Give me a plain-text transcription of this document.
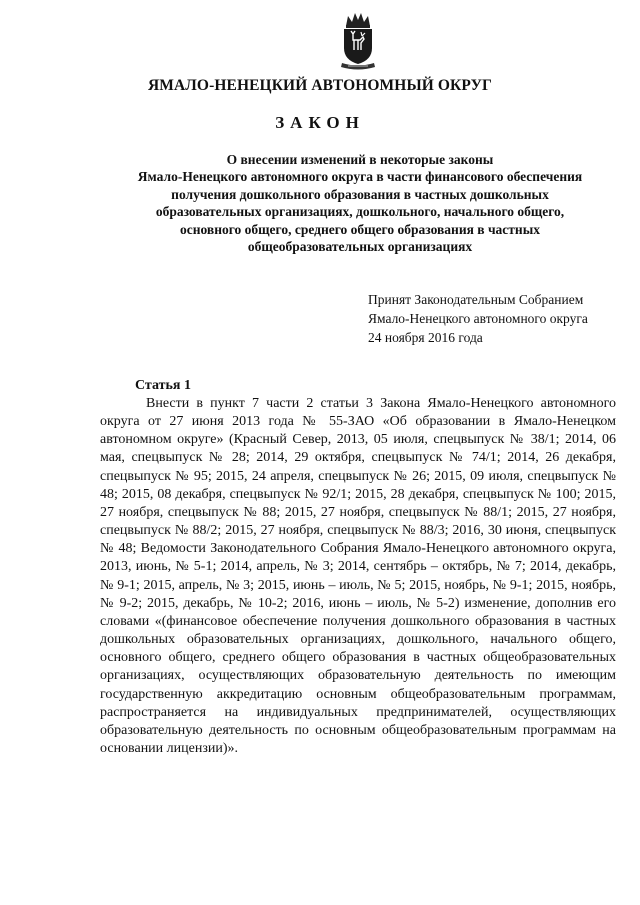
ЯМАЛО-НЕНЕЦКИЙ АВТОНОМНЫЙ ОКРУГ
ЗАКОН
О внесении изменений в некоторые законы
Ямало-Ненецкого автономного округа в части финансового обеспечения
получения дошкольного образования в частных дошкольных
образовательных организациях, дошкольного, начального общего,
основного общего, среднего общего образования в частных
общеобразовательных организациях
Принят Законодательным Собранием
Ямало-Ненецкого автономного округа
24 ноября 2016 года
Статья 1

Внести в пункт 7 части 2 статьи 3 Закона Ямало-Ненецкого автономного округа от 27 июня 2013 года № 55-ЗАО «Об образовании в Ямало-Ненецком автономном округе» (Красный Север, 2013, 05 июля, спецвыпуск № 38/1; 2014, 06 мая, спецвыпуск № 28; 2014, 29 октября, спецвыпуск № 74/1; 2014, 26 декабря, спецвыпуск № 95; 2015, 24 апреля, спецвыпуск № 26; 2015, 09 июля, спецвыпуск № 48; 2015, 08 декабря, спецвыпуск № 92/1; 2015, 28 декабря, спецвыпуск № 100; 2015, 27 ноября, спецвыпуск № 88; 2015, 27 ноября, спецвыпуск № 88/1; 2015, 27 ноября, спецвыпуск № 88/2; 2015, 27 ноября, спецвыпуск № 88/3; 2016, 30 июня, спецвыпуск № 48; Ведомости Законодательного Собрания Ямало-Ненецкого автономного округа, 2013, июнь, № 5-1; 2014, апрель, № 3; 2014, сентябрь – октябрь, № 7; 2014, декабрь, № 9-1; 2015, апрель, № 3; 2015, июнь – июль, № 5; 2015, ноябрь, № 9-1; 2015, ноябрь, № 9-2; 2015, декабрь, № 10-2; 2016, июнь – июль, № 5-2) изменение, дополнив его словами «(финансовое обеспечение получения дошкольного образования в частных дошкольных образовательных организациях, дошкольного, начального общего, основного общего, среднего общего образования в частных общеобразовательных организациях, осуществляющих образовательную деятельность по имеющим государственную аккредитацию основным общеобразовательным программам, распространяется на индивидуальных предпринимателей, осуществляющих образовательную деятельность по основным общеобразовательным программам на основании лицензии)».
